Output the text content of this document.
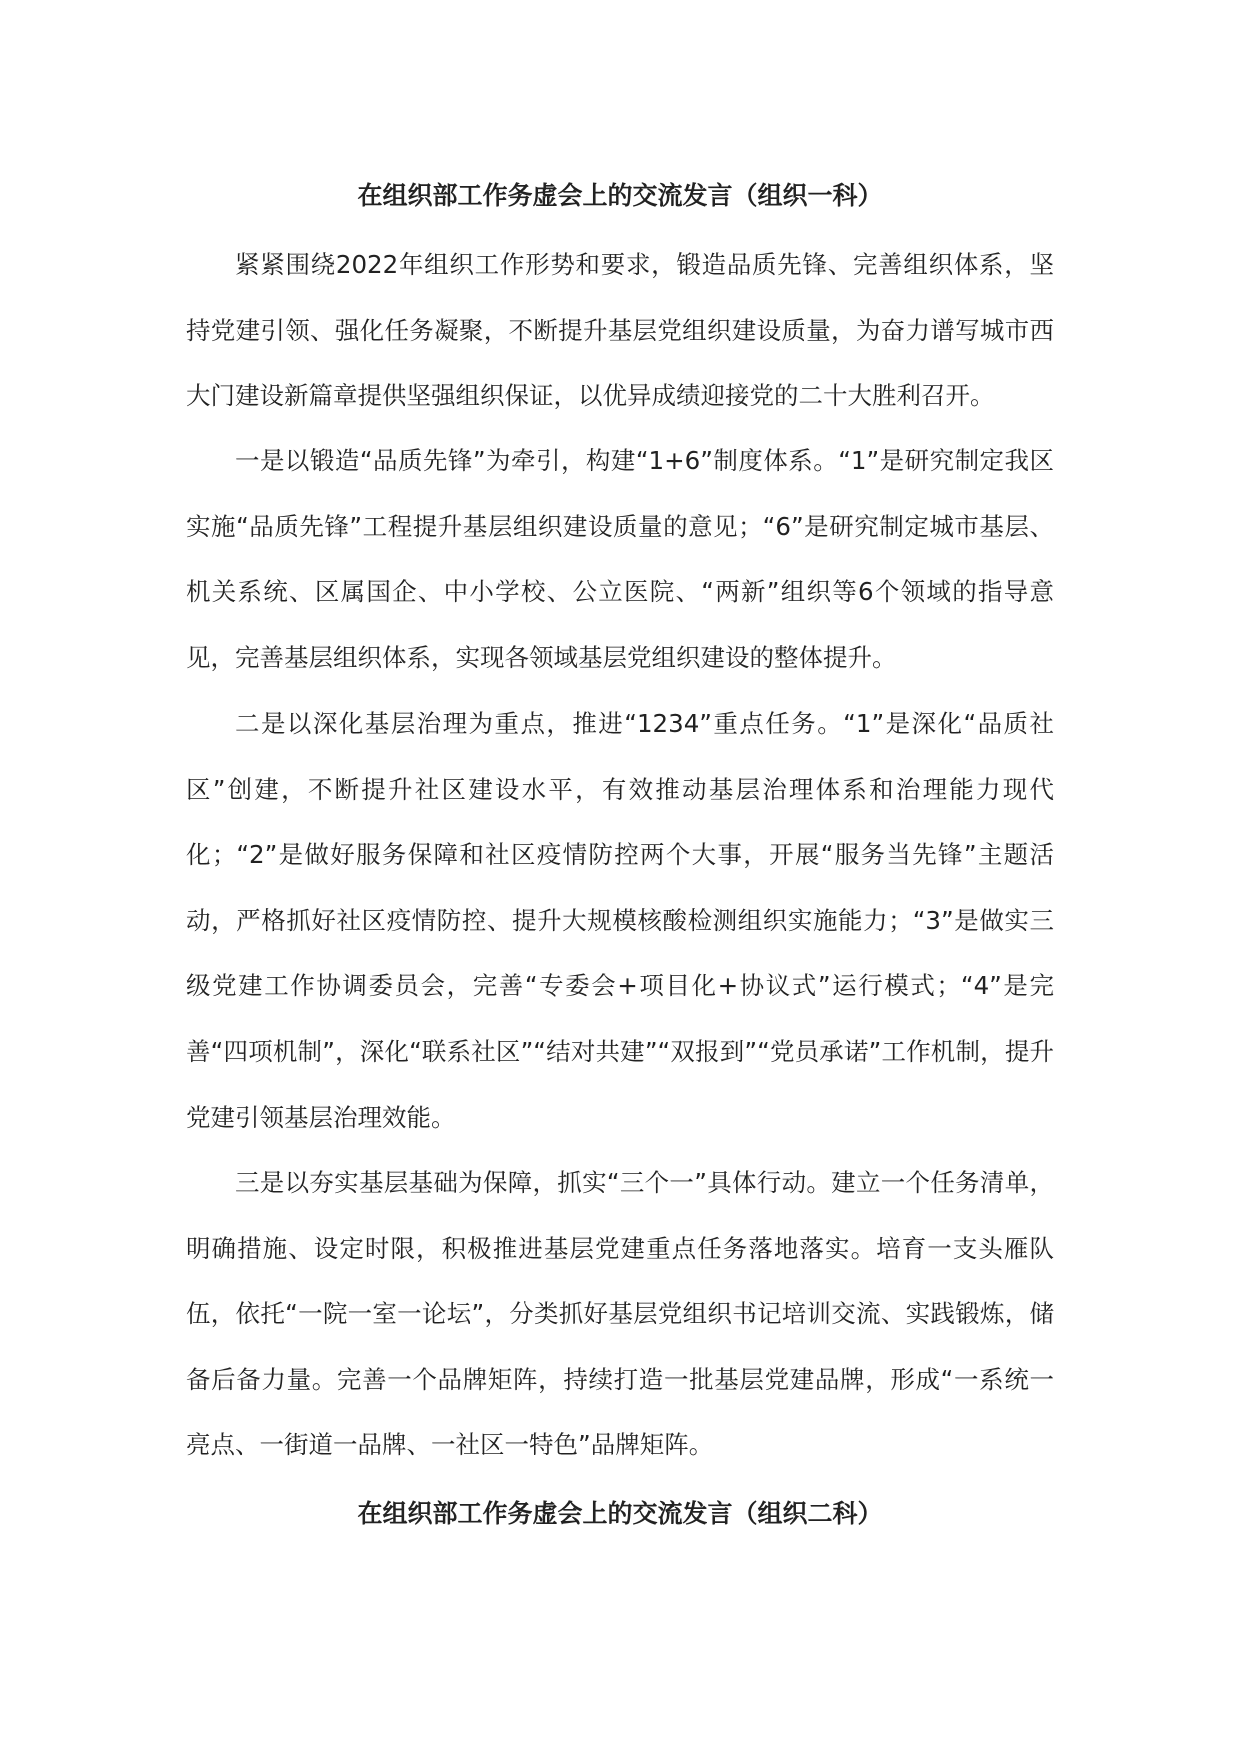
在组织部工作务虚会上的交流发言（组织一科）

紧紧围绕2022年组织工作形势和要求，锻造品质先锋、完善组织体系，坚持党建引领、强化任务凝聚，不断提升基层党组织建设质量，为奋力谱写城市西大门建设新篇章提供坚强组织保证，以优异成绩迎接党的二十大胜利召开。

一是以锻造“品质先锋”为牵引，构建“1+6”制度体系。“1”是研究制定我区实施“品质先锋”工程提升基层组织建设质量的意见；“6”是研究制定城市基层、机关系统、区属国企、中小学校、公立医院、“两新”组织等6个领域的指导意见，完善基层组织体系，实现各领域基层党组织建设的整体提升。

二是以深化基层治理为重点，推进“1234”重点任务。“1”是深化“品质社区”创建，不断提升社区建设水平，有效推动基层治理体系和治理能力现代化；“2”是做好服务保障和社区疫情防控两个大事，开展“服务当先锋”主题活动，严格抓好社区疫情防控、提升大规模核酸检测组织实施能力；“3”是做实三级党建工作协调委员会，完善“专委会+项目化+协议式”运行模式；“4”是完善“四项机制”，深化“联系社区”“结对共建”“双报到”“党员承诺”工作机制，提升党建引领基层治理效能。

三是以夯实基层基础为保障，抓实“三个一”具体行动。建立一个任务清单，明确措施、设定时限，积极推进基层党建重点任务落地落实。培育一支头雁队伍，依托“一院一室一论坛”，分类抓好基层党组织书记培训交流、实践锻炼，储备后备力量。完善一个品牌矩阵，持续打造一批基层党建品牌，形成“一系统一亮点、一街道一品牌、一社区一特色”品牌矩阵。

在组织部工作务虚会上的交流发言（组织二科）
